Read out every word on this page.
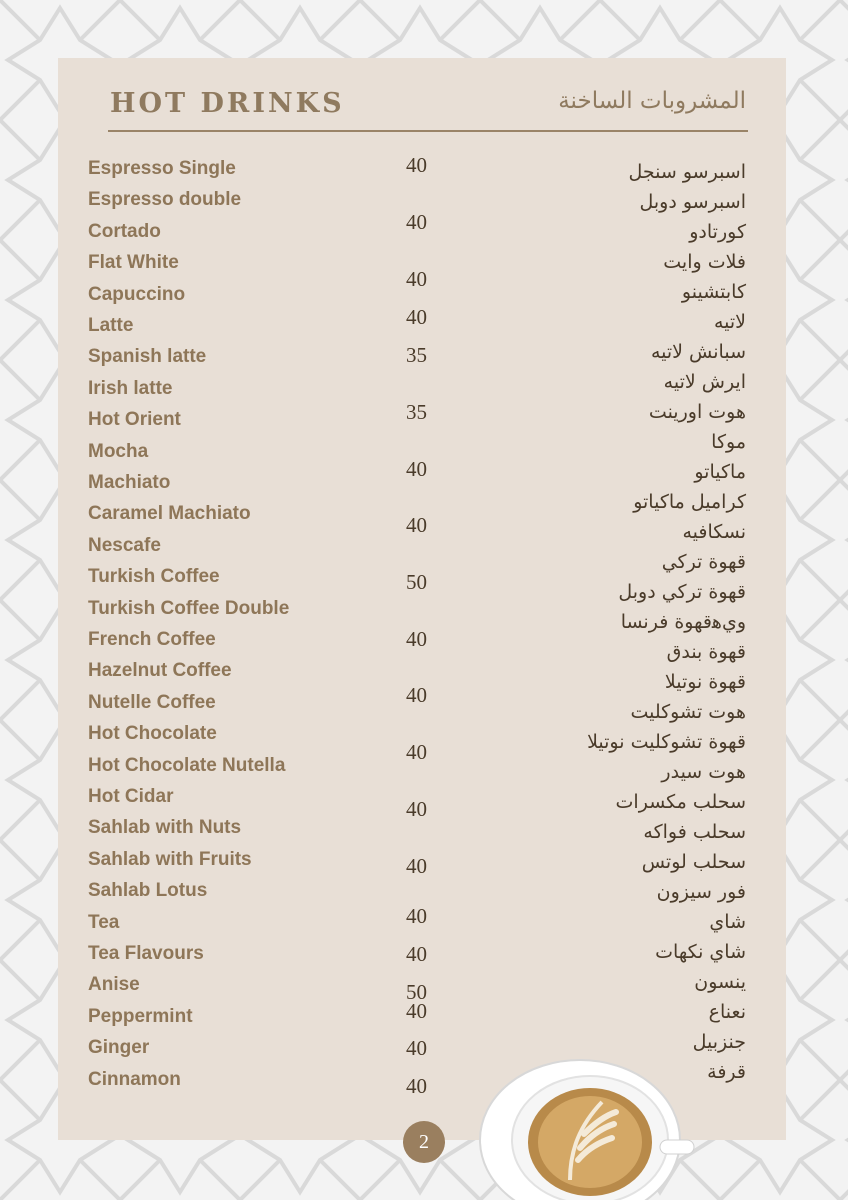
HOT DRINKS	المشروبات الساخنة
Espresso Single
Espresso double
Cortado
Flat White
Capuccino
Latte
Spanish latte
Irish latte
Hot Orient
Mocha
Machiato
Caramel Machiato
Nescafe
Turkish Coffee
Turkish Coffee Double
French Coffee
Hazelnut Coffee
Nutelle Coffee
Hot Chocolate
Hot Chocolate Nutella
Hot Cidar
Sahlab with Nuts
Sahlab with Fruits
Sahlab Lotus
Tea
Tea Flavours
Anise
Peppermint
Ginger
Cinnamon
اسبرسو سنجل
اسبرسو دوبل
كورتادو
فلات وايت
كابتشينو
لاتيه
سبانش لاتيه
ايرش لاتيه
هوت اورينت
موكا
ماكياتو
كراميل ماكياتو
نسكافيه
قهوة تركي
قهوة تركي دوبل
ويﻫقهوة فرنسا
قهوة بندق
قهوة نوتيلا
هوت تشوكليت
قهوة تشوكليت نوتيلا
هوت سيدر
سحلب مكسرات
سحلب فواكه
سحلب لوتس
فور سيزون
شاي
شاي نكهات
ينسون
نعناع
جنزبيل
قرفة
40
40
40
40
35
35
40
40
50
40
40
40
40
40
40
40
50
40
40
40
2
